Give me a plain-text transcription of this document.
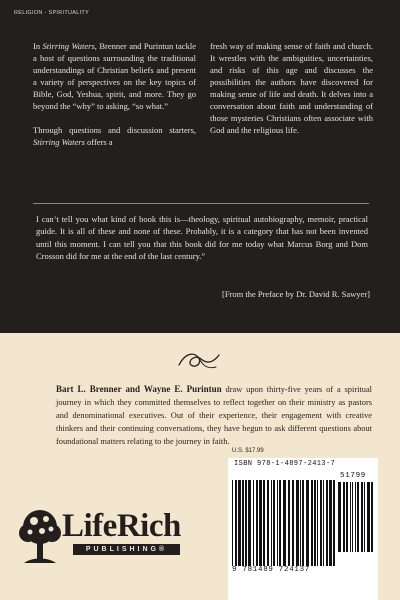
RELIGION - SPIRITUALITY

In Stirring Waters, Brenner and Purintun tackle a host of questions surrounding the traditional understandings of Christian beliefs and present a variety of perspectives on the key topics of Bible, God, Yeshua, spirit, and more. They go beyond the “why” to asking, “so what.”

Through questions and discussion starters, Stirring Waters offers a

fresh way of making sense of faith and church. It wrestles with the ambiguities, uncertainties, and risks of this age and discusses the possibilities the authors have discovered for making sense of life and death. It delves into a conversation about faith and understanding of those mysteries Christians often associate with God and the religious life.

I can’t tell you what kind of book this is—theology, spiritual autobiography, memoir, practical guide. It is all of these and none of these. Probably, it is a category that has not been invented until this moment. I can tell you that this book did for me today what Marcus Borg and Dom Crosson did for me at the end of the last century.”
[From the Preface by Dr. David R. Sawyer]
Bart L. Brenner and Wayne E. Purintun draw upon thirty-five years of a spiritual journey in which they committed themselves to reflect together on their ministry as pastors and denominational executives. Out of their experience, their engagement with creative thinkers and their continuing conversations, they have begun to ask different questions about foundational matters relating to the journey in faith.
LifeRich
PUBLISHING®
U.S. $17.99
ISBN 978-1-4897-2413-7
51799
9 781489 724137
